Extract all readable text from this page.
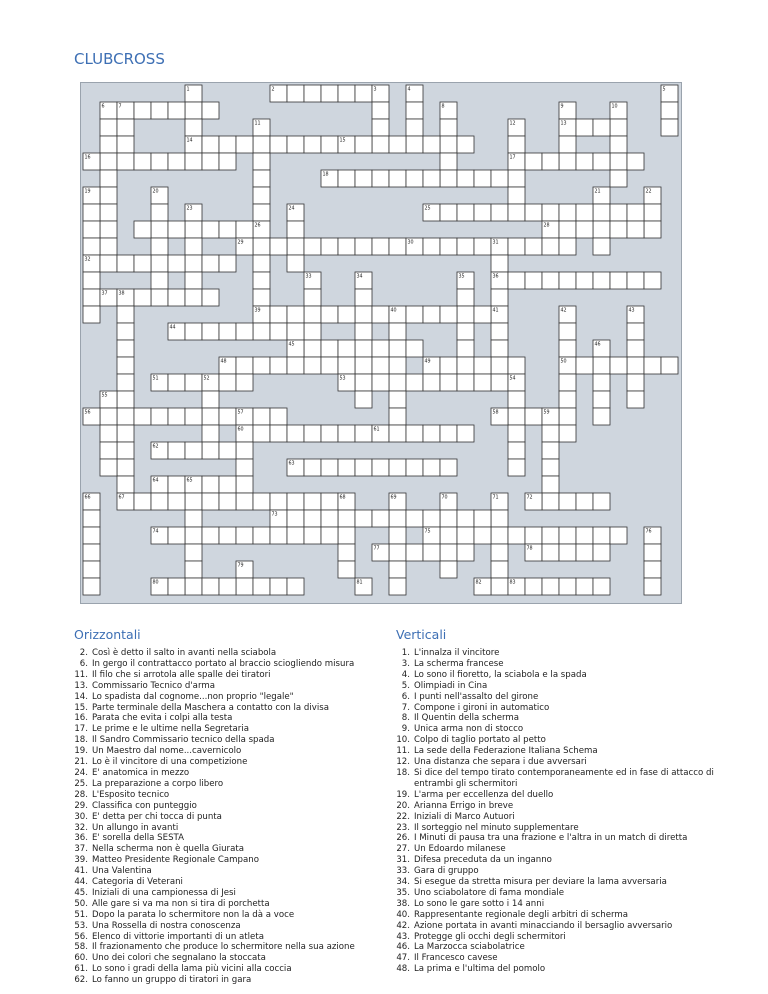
CLUBCROSS
1	2	3	4	5
6	7	8	9	10
11	12	13
14	15
16	17
18
19	20	21	22
23	24	25
26	28
29	30	31
32
33	34	35	36
37 38
39	40	41	42	43
44
45	46
48	49	50
51	52	53	54
55
56	57	58	59
60	61
62
63
64	65
66	67	68	69	70	71	72
73
74	75	76
77	78
79
80	81	82	83
Orizzontali	Verticali
2. Così è detto il salto in avanti nella sciabola
6. In gergo il contrattacco portato al braccio sciogliendo misura
11. Il filo che si arrotola alle spalle dei tiratori
13. Commissario Tecnico d'arma
14. Lo spadista dal cognome...non proprio "legale"
15. Parte terminale della Maschera a contatto con la divisa
16. Parata che evita i colpi alla testa
17. Le prime e le ultime nella Segretaria
18. Il Sandro Commissario tecnico della spada
19. Un Maestro dal nome...cavernicolo
21. Lo è il vincitore di una competizione
24. E' anatomica in mezzo
25. La preparazione a corpo libero
28. L'Esposito tecnico
29. Classifica con punteggio
30. E' detta per chi tocca di punta
32. Un allungo in avanti
36. E' sorella della SESTA
37. Nella scherma non è quella Giurata
39. Matteo Presidente Regionale Campano
41. Una Valentina
44. Categoria di Veterani
45. Iniziali di una campionessa di Jesi
50. Alle gare si va ma non si tira di porchetta
51. Dopo la parata lo schermitore non la dà a voce
53. Una Rossella di nostra conoscenza
56. Elenco di vittorie importanti di un atleta
58. Il frazionamento che produce lo schermitore nella sua azione
60. Uno dei colori che segnalano la stoccata
61. Lo sono i gradi della lama più vicini alla coccia
62. Lo fanno un gruppo di tiratori in gara
1. L'innalza il vincitore
3. La scherma francese
4. Lo sono il fioretto, la sciabola e la spada
5. Olimpiadi in Cina
6. I punti nell'assalto del girone
7. Compone i gironi in automatico
8. Il Quentin della scherma
9. Unica arma non di stocco
10. Colpo di taglio portato al petto
11. La sede della Federazione Italiana Schema
12. Una distanza che separa i due avversari
18. Si dice del tempo tirato contemporaneamente ed in fase di attacco di entrambi gli schermitori
19. L'arma per eccellenza del duello
20. Arianna Errigo in breve
22. Iniziali di Marco Autuori
23. Il sorteggio nel minuto supplementare
26. I Minuti di pausa tra una frazione e l'altra in un match di diretta
27. Un Edoardo milanese
31. Difesa preceduta da un inganno
33. Gara di gruppo
34. Si esegue da stretta misura per deviare la lama avversaria
35. Uno sciabolatore di fama mondiale
38. Lo sono le gare sotto i 14 anni
40. Rappresentante regionale degli arbitri di scherma
42. Azione portata in avanti minacciando il bersaglio avversario
43. Protegge gli occhi degli schermitori
46. La Marzocca sciabolatrice
47. Il Francesco cavese
48. La prima e l'ultima del pomolo
